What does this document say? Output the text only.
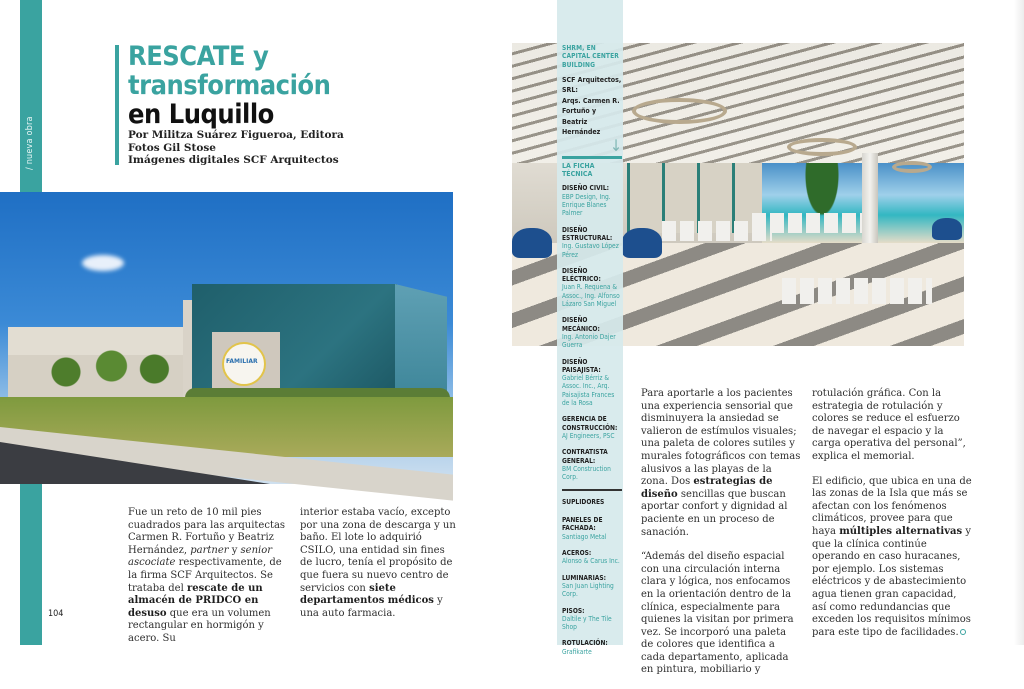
/ nueva obra
RESCATE y
transformación
en Luquillo
Por Militza Suárez Figueroa, Editora
Fotos Gil Stose
Imágenes digitales SCF Arquitectos
FAMILIAR

Fue un reto de 10 mil pies cuadrados para las arquitectas Carmen R. Fortuño y Beatriz Hernández, partner y senior ascociate respectivamente, de la firma SCF Arquitectos. Se trataba del rescate de un almacén de PRIDCO en desuso que era un volumen rectangular en hormigón y acero. Su

interior estaba vacío, excepto por una zona de descarga y un baño. El lote lo adquirió CSILO, una entidad sin fines de lucro, tenía el propósito de que fuera su nuevo centro de servicios con siete departamentos médicos y una auto farmacia.

104
SHRM, EN CAPITAL CENTER BUILDING
SCF Arquitectos,
SRL:
Arqs. Carmen R.
Fortuño y Beatriz
Hernández
↓
LA FICHA TÉCNICA
DISEÑO CIVIL:
EBP Design, Ing. Enrique Blanes Palmer
DISEÑO ESTRUCTURAL:
Ing. Gustavo López Pérez
DISEÑO ELÉCTRICO:
Juan R. Requena & Assoc., Ing. Alfonso Lázaro San Miguel
DISEÑO MECÁNICO:
Ing. Antonio Dajer Guerra
DISEÑO PAISAJISTA:
Gabriel Bérriz & Assoc. Inc., Arq. Paisajista Frances de la Rosa
GERENCIA DE CONSTRUCCIÓN:
AJ Engineers, PSC
CONTRATISTA GENERAL:
BM Construction Corp.
SUPLIDORES
PANELES DE FACHADA:
Santiago Metal
ACEROS:
Alonso & Carus Inc.
LUMINARIAS:
San Juan Lighting Corp.
PISOS:
Daltile y The Tile Shop
ROTULACIÓN:
Grafikarte

Para aportarle a los pacientes una experiencia sensorial que disminuyera la ansiedad se valieron de estímulos visuales; una paleta de colores sutiles y murales fotográficos con temas alusivos a las playas de la zona. Dos estrategias de diseño sencillas que buscan aportar confort y dignidad al paciente en un proceso de sanación.

“Además del diseño espacial con una circulación interna clara y lógica, nos enfocamos en la orientación dentro de la clínica, especialmente para quienes la visitan por primera vez. Se incorporó una paleta de colores que identifica a cada departamento, aplicada en pintura, mobiliario y

rotulación gráfica. Con la estrategia de rotulación y colores se reduce el esfuerzo de navegar el espacio y la carga operativa del personal”, explica el memorial.

El edificio, que ubica en una de las zonas de la Isla que más se afectan con los fenómenos climáticos, provee para que haya múltiples alternativas y que la clínica continúe operando en caso huracanes, por ejemplo. Los sistemas eléctricos y de abastecimiento agua tienen gran capacidad, así como redundancias que exceden los requisitos mínimos para este tipo de facilidades.
